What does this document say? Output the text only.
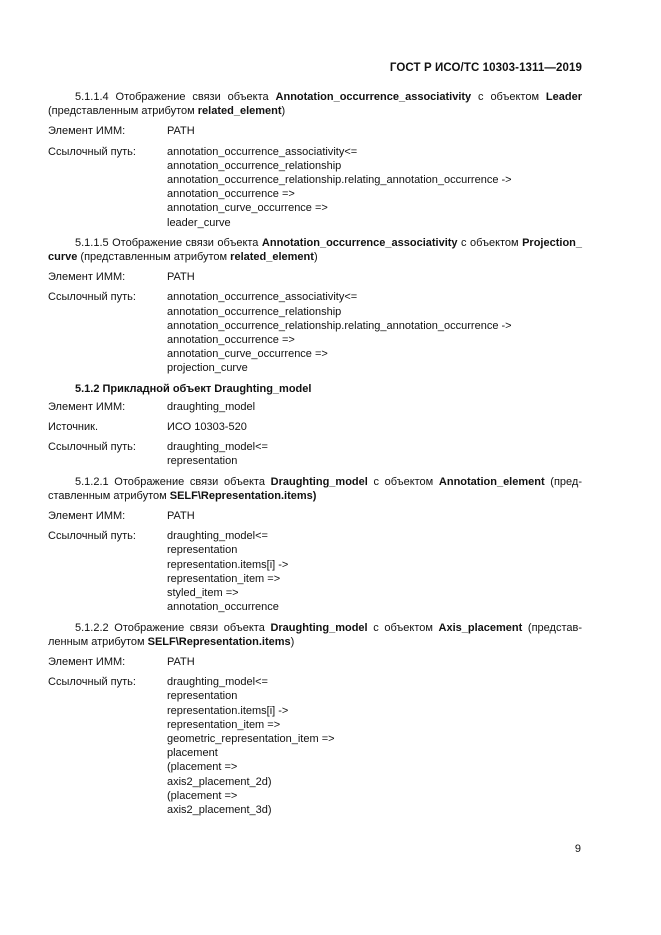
ГОСТ Р ИСО/ТС 10303-1311—2019

5.1.1.4 Отображение связи объекта Annotation_occurrence_associativity с объектом Leader (представленным атрибутом related_element)

Элемент ИММ:	PATH
Ссылочный путь:	annotation_occurrence_associativity<=
annotation_occurrence_relationship
annotation_occurrence_relationship.relating_annotation_occurrence ->
annotation_occurrence =>
annotation_curve_occurrence =>
leader_curve

5.1.1.5 Отображение связи объекта Annotation_occurrence_associativity с объектом Projection_ curve (представленным атрибутом related_element)

Элемент ИММ:	PATH
Ссылочный путь:	annotation_occurrence_associativity<=
annotation_occurrence_relationship
annotation_occurrence_relationship.relating_annotation_occurrence ->
annotation_occurrence =>
annotation_curve_occurrence =>
projection_curve

5.1.2 Прикладной объект Draughting_model

Элемент ИММ:	draughting_model
Источник.	ИСО 10303-520
Ссылочный путь:	draughting_model<=
representation

5.1.2.1 Отображение связи объекта Draughting_model с объектом Annotation_element (пред-ставленным атрибутом SELF\Representation.items)

Элемент ИММ:	PATH
Ссылочный путь:	draughting_model<=
representation
representation.items[i] ->
representation_item =>
styled_item =>
annotation_occurrence

5.1.2.2 Отображение связи объекта Draughting_model с объектом Axis_placement (представ-ленным атрибутом SELF\Representation.items)

Элемент ИММ:	PATH
Ссылочный путь:	draughting_model<=
representation
representation.items[i] ->
representation_item =>
geometric_representation_item =>
placement
(placement =>
axis2_placement_2d)
(placement =>
axis2_placement_3d)
9
